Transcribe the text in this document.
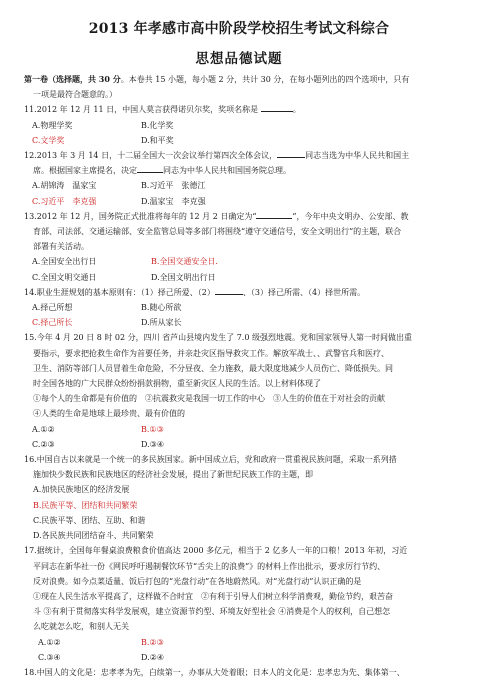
2013 年孝感市高中阶段学校招生考试文科综合
思想品德试题
第一卷（选择题，共 30 分。本卷共 15 小题，每小题 2 分，共计 30 分，在每小题列出的四个选项中，只有
一项是最符合题意的。）
11.2012 年 12 月 11 日，中国人莫言获得诺贝尔奖，奖项名称是	。
A.物理学奖	B.化学奖
C.文学奖	D.和平奖
12.2013 年 3 月 14 日，十二届全国大一次会议举行第四次全体会议，	同志当选为中华人民共和国主
席。根据国家主席提名，决定	同志为中华人民共和国国务院总理。
A.胡锦涛　温家宝	B.习近平　张德江
C.习近平　李克强	D.温家宝　李克强
13.2012 年 12 月，国务院正式批准将每年的 12 月 2 日确定为“	”，今年中央文明办、公安部、教
育部、司法部、交通运输部、安全监管总局等多部门将围绕“遵守交通信号，安全文明出行”的主题，联合
部署有关活动。
A.全国安全出行日	B.全国交通安全日.
C.全国文明交通日	D.全国文明出行日
14.职业生涯规划的基本原则有：（1）择己所爱、（2）	、（3）择己所需、（4）择世所需。
A.择己所想	B.随心所欲
C.择己所长	D.所从家长
15.今年 4 月 20 日 8 时 02 分，四川 省芦山县境内发生了 7.0 级强烈地震。党和国家领导人第一时间做出重
要指示，要求把抢救生命作为首要任务，并亲赴灾区指导救灾工作。解放军战士、、武警官兵和医疗、
卫生、消防等部门人员冒着生命危险，不分昼夜、全力施救，最大限度地减少人员伤亡、降低损失。同
时全国各地的广大民群众纷纷捐款捐物，重至新灾区人民的生活。以上材料体现了
①每个人的生命都是有价值的　 ②抗震救灾是我国一切工作的中心　 ③人生的价值在于对社会的贡献
④人类的生命是地球上最珍贵、最有价值的
A.①②	B.①③
C.②③	D.③④
16.中国自古以来就是一个统一的多民族国家。新中国成立后，党和政府一贯重视民族问题，采取一系列措
施加快少数民族和民族地区的经济社会发展，提出了新世纪民族工作的主题，即
A.加快民族地区的经济发展
B.民族平等、团结和共同繁荣
C.民族平等、团结、互助、和谐
D.各民族共同团结奋斗、共同繁荣
17.据统计，全国每年餐桌浪费粮食价值高达 2000 多亿元，相当于 2 亿多人一年的口粮！2013 年初，习近
平同志在新华社一份《网民呼吁遏制餐饮环节“舌尖上的浪费”》的材料上作出批示，要求厉行节约、
反对浪费。如今点菜适量、饭后打包的“光盘行动”在各地蔚然风。对“光盘行动”认识正确的是
①现在人民生活水平提高了，这样做不合时宜　②有利于引导人们树立科学消费观，勤俭节约，艰苦奋
斗 ③有利于贯彻落实科学发展观，建立资源节约型、环境友好型社会 ④消费是个人的权利，自己想怎
么吃就怎么吃，和别人无关
A.①②	B.②③
C.③④	D.②④
18.中国人的文化是：忠孝孝为先，白续第一，办事从大处着眼；日本人的文化是：忠孝忠为先、集体第一、
